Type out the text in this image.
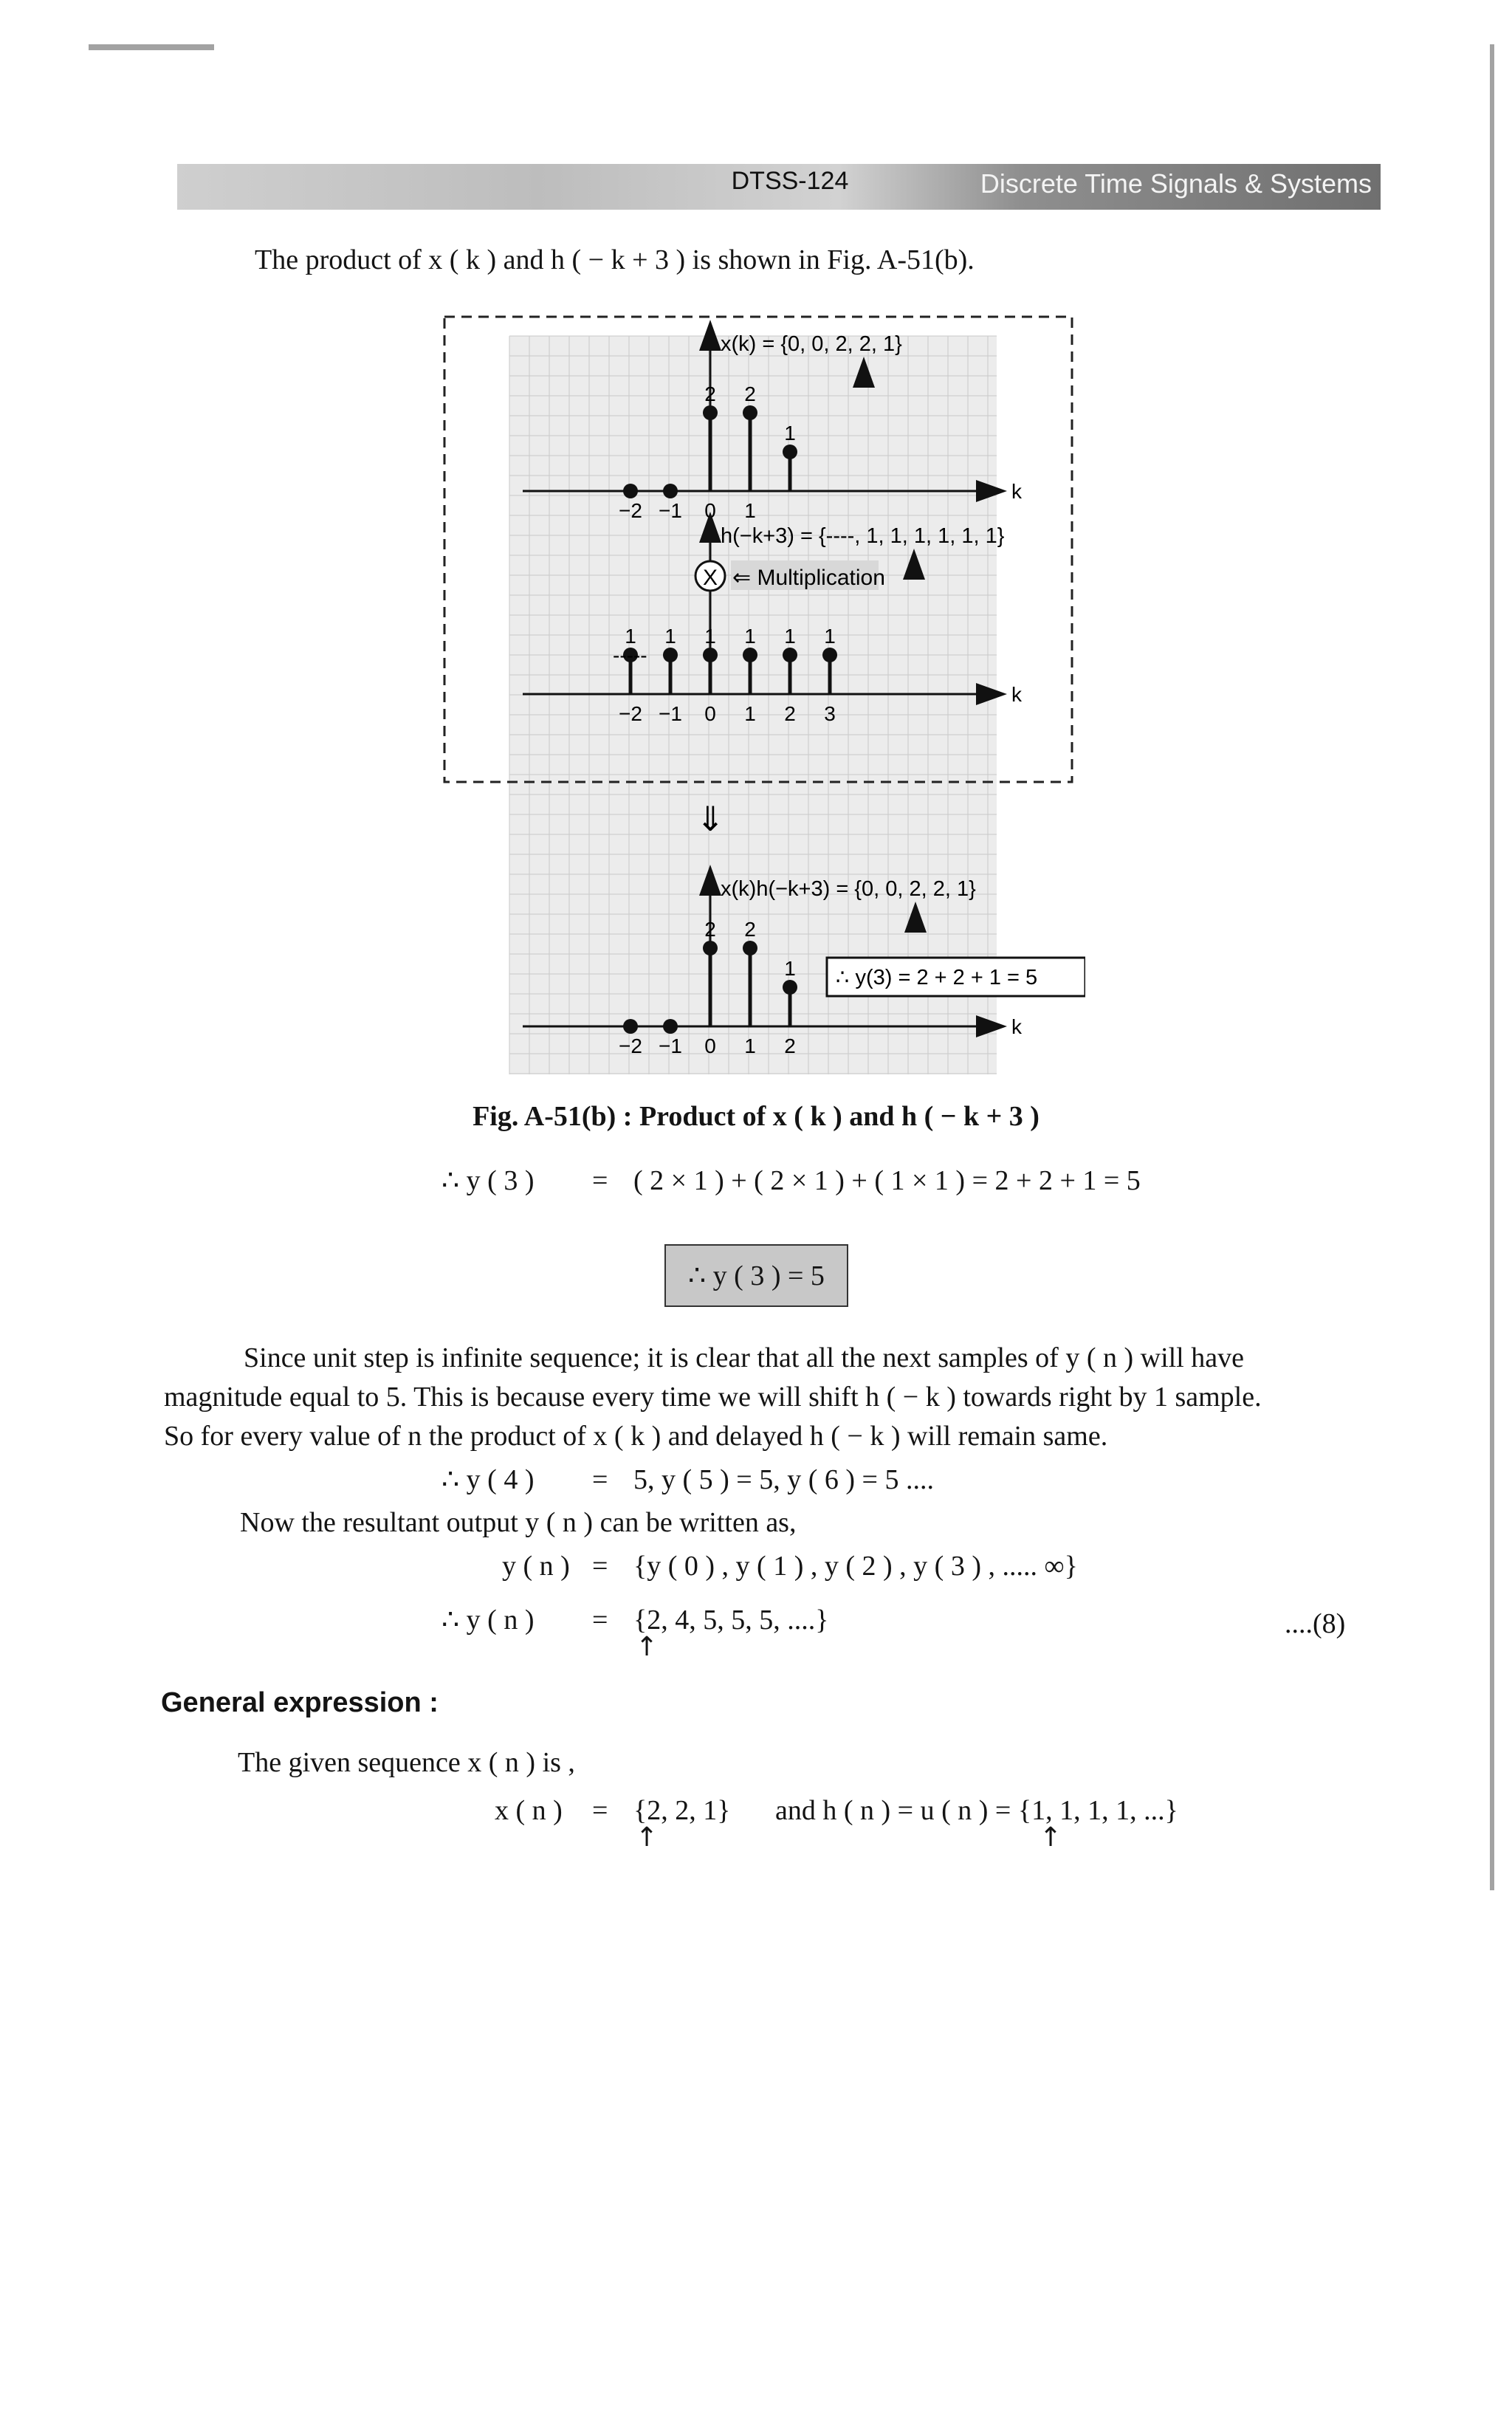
DTSS-124	Discrete Time Signals & Systems
The product of x ( k ) and h ( − k + 3 ) is shown in Fig. A-51(b).
k
x(k) = {0, 0, 2, 2, 1}
2 2
1
−2 −1 0 1
k
h(−k+3) = {----, 1, 1, 1, 1, 1, 1}
1 1 1 1 1 1
−2 −1 0 1 2 3
-----
k
x(k)h(−k+3) = {0, 0, 2, 2, 1}
2 2
1
−2 −1 0 1 2
∴ y(3) = 2 + 2 + 1 = 5
X ⇐ Multiplication
⇓
Fig. A-51(b) : Product of x ( k ) and h ( − k + 3 )
∴ y ( 3 ) = ( 2 × 1 ) + ( 2 × 1 ) + ( 1 × 1 ) = 2 + 2 + 1 = 5
∴ y ( 3 ) = 5
Since unit step is infinite sequence; it is clear that all the next samples of y ( n ) will have
magnitude equal to 5. This is because every time we will shift h ( − k ) towards right by 1 sample.
So for every value of n the product of x ( k ) and delayed h ( − k ) will remain same.
∴ y ( 4 ) = 5, y ( 5 ) = 5, y ( 6 ) = 5 ....
Now the resultant output y ( n ) can be written as,
y ( n ) = {y ( 0 ) , y ( 1 ) , y ( 2 ) , y ( 3 ) , ..... ∞}
∴ y ( n ) = {2, 4, 5, 5, 5, ....}	....(8)
↑
General expression :
The given sequence x ( n ) is ,
x ( n ) = {2, 2, 1} and h ( n ) = u ( n ) = {1, 1, 1, 1, ...}
↑	↑
